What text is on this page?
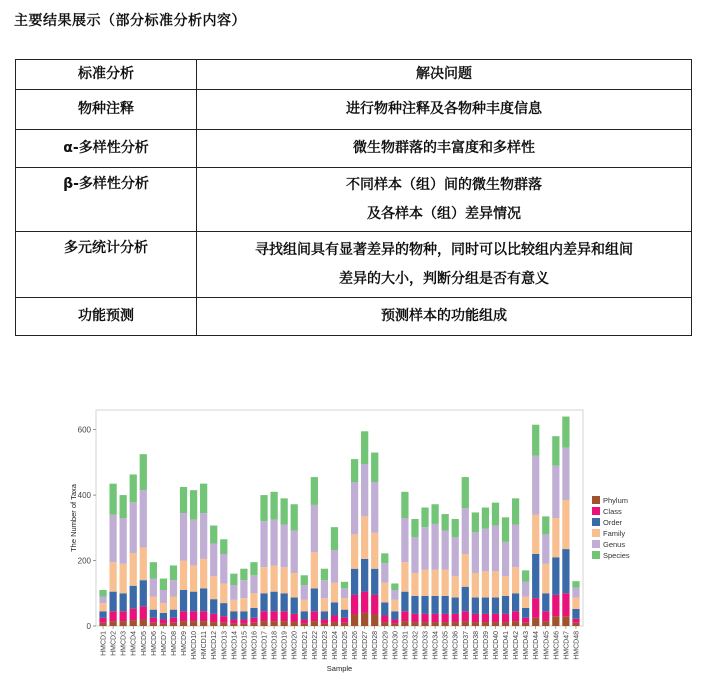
主要结果展示（部分标准分析内容）
标准分析	解决问题
物种注释	进行物种注释及各物种丰度信息
α-多样性分析	微生物群落的丰富度和多样性
β-多样性分析	不同样本（组）间的微生物群落
及各样本（组）差异情况

多元统计分析	寻找组间具有显著差异的物种，同时可以比较组内差异和组间
差异的大小，判断分组是否有意义

功能预测	预测样本的功能组成
0
200
400
600
The Number of Taxa
HMCD1 HMCD2 HMCD3 HMCD4 HMCD5 HMCD6 HMCD7 HMCD8 HMCD9 HMCD10 HMCD11 HMCD12 HMCD13 HMCD14 HMCD15 HMCD16 HMCD17 HMCD18 HMCD19 HMCD20 HMCD21 HMCD22 HMCD23 HMCD24 HMCD25 HMCD26 HMCD27 HMCD28 HMCD29 HMCD30 HMCD31 HMCD32 HMCD33 HMCD34 HMCD35 HMCD36 HMCD37 HMCD38 HMCD39 HMCD40 HMCD41 HMCD42 HMCD43 HMCD44 HMCD45 HMCD46 HMCD47 HMCD48
Sample
Phylum
Class
Order
Family
Genus
Species
